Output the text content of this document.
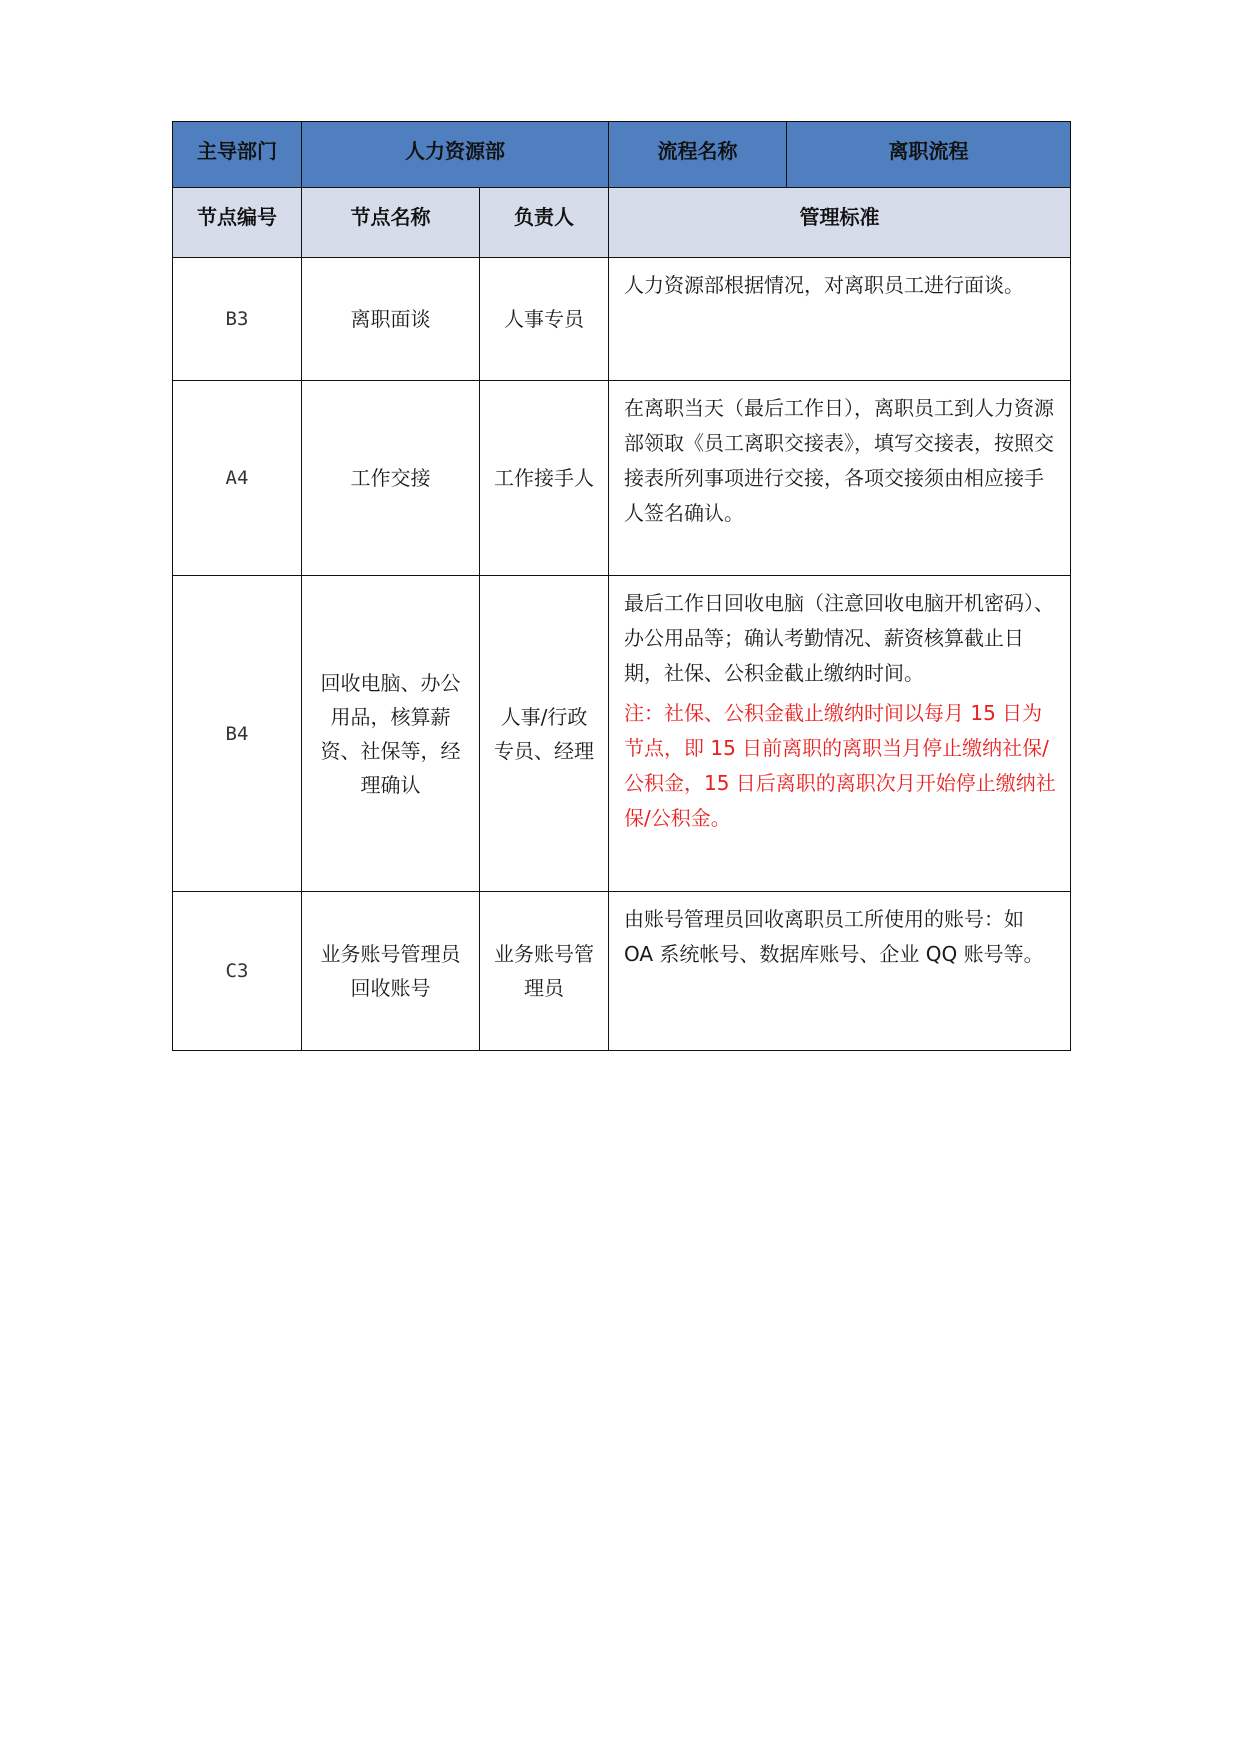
主导部门	人力资源部		流程名称	离职流程
节点编号	节点名称	负责人	管理标准	
B3	离职面谈	人事专员	人力资源部根据情况，对离职员工进行面谈。	

A4	工作交接	工作接手人	在离职当天（最后工作日），离职员工到人力资源部领取《员工离职交接表》，填写交接表，按照交接表所列事项进行交接，各项交接须由相应接手人签名确认。	

B4	回收电脑、办公用品，核算薪资、社保等，经理确认	人事/行政专员、经理	最后工作日回收电脑（注意回收电脑开机密码）、办公用品等；确认考勤情况、薪资核算截止日期，社保、公积金截止缴纳时间。
注：社保、公积金截止缴纳时间以每月 15 日为节点，即 15 日前离职的离职当月停止缴纳社保/公积金，15 日后离职的离职次月开始停止缴纳社保/公积金。	

C3	业务账号管理员回收账号	业务账号管理员	由账号管理员回收离职员工所使用的账号：如 OA 系统帐号、数据库账号、企业 QQ 账号等。	
